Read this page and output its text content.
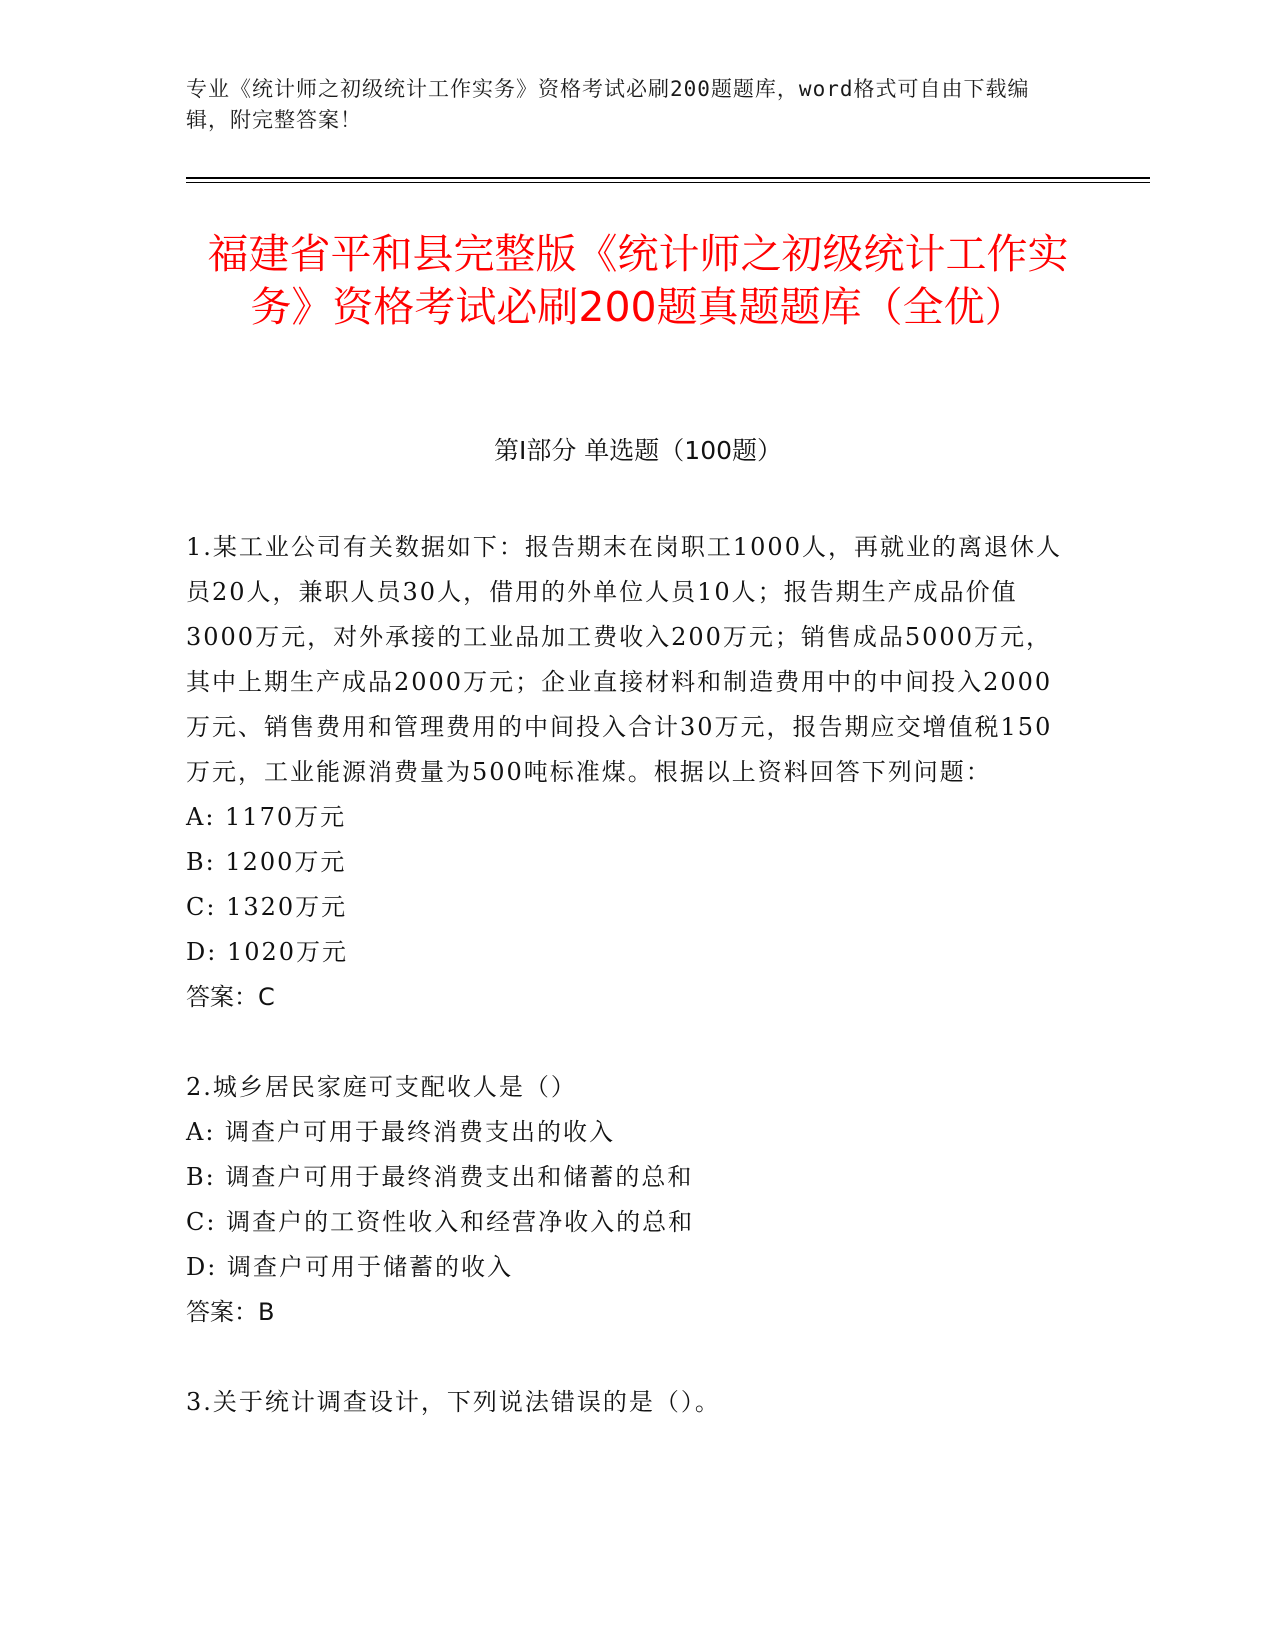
专业《统计师之初级统计工作实务》资格考试必刷200题题库，word格式可自由下载编辑，附完整答案！
福建省平和县完整版《统计师之初级统计工作实务》资格考试必刷200题真题题库（全优）
第I部分 单选题（100题）
1.某工业公司有关数据如下：报告期末在岗职工1000人，再就业的离退休人员20人，兼职人员30人，借用的外单位人员10人；报告期生产成品价值3000万元，对外承接的工业品加工费收入200万元；销售成品5000万元，其中上期生产成品2000万元；企业直接材料和制造费用中的中间投入2000万元、销售费用和管理费用的中间投入合计30万元，报告期应交增值税150万元，工业能源消费量为500吨标准煤。根据以上资料回答下列问题：
A: 1170万元
B: 1200万元
C: 1320万元
D: 1020万元
答案：C
2.城乡居民家庭可支配收人是（）
A: 调查户可用于最终消费支出的收入
B: 调查户可用于最终消费支出和储蓄的总和
C: 调查户的工资性收入和经营净收入的总和
D: 调查户可用于储蓄的收入
答案：B
3.关于统计调查设计，下列说法错误的是（）。
